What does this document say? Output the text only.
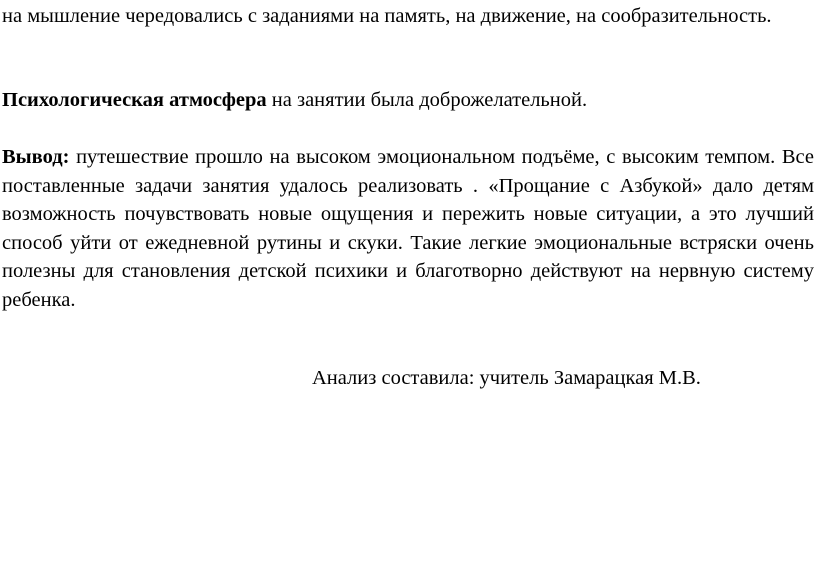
на мышление чередовались с заданиями на память, на движение, на сообразительность.

Психологическая атмосфера на занятии была доброжелательной.

Вывод: путешествие прошло на высоком эмоциональном подъёме, с высоким темпом. Все поставленные задачи занятия удалось реализовать . «Прощание с Азбукой» дало детям возможность почувствовать новые ощущения и пережить новые ситуации, а это лучший способ уйти от ежедневной рутины и скуки. Такие легкие эмоциональные встряски очень полезны для становления детской психики и благотворно действуют на нервную систему ребенка.

Анализ составила: учитель Замарацкая М.В.
